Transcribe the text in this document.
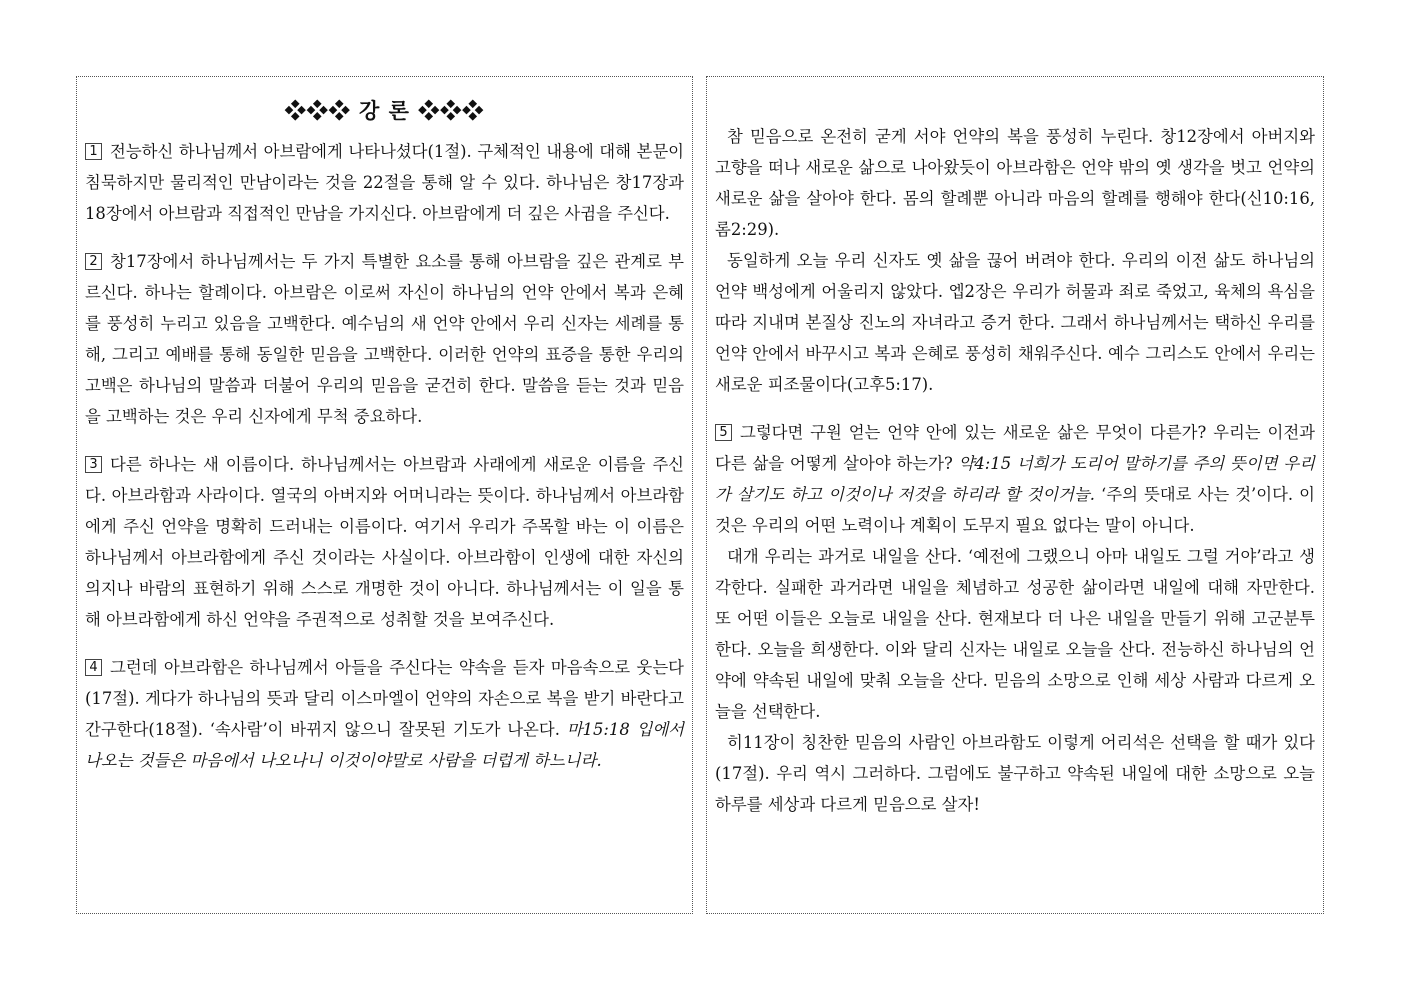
❖❖❖ 강 론 ❖❖❖

1 전능하신 하나님께서 아브람에게 나타나셨다(1절). 구체적인 내용에 대해 본문이 침묵하지만 물리적인 만남이라는 것을 22절을 통해 알 수 있다. 하나님은 창17장과 18장에서 아브람과 직접적인 만남을 가지신다. 아브람에게 더 깊은 사귐을 주신다.

2 창17장에서 하나님께서는 두 가지 특별한 요소를 통해 아브람을 깊은 관계로 부르신다. 하나는 할례이다. 아브람은 이로써 자신이 하나님의 언약 안에서 복과 은혜를 풍성히 누리고 있음을 고백한다. 예수님의 새 언약 안에서 우리 신자는 세례를 통해, 그리고 예배를 통해 동일한 믿음을 고백한다. 이러한 언약의 표증을 통한 우리의 고백은 하나님의 말씀과 더불어 우리의 믿음을 굳건히 한다. 말씀을 듣는 것과 믿음을 고백하는 것은 우리 신자에게 무척 중요하다.

3 다른 하나는 새 이름이다. 하나님께서는 아브람과 사래에게 새로운 이름을 주신다. 아브라함과 사라이다. 열국의 아버지와 어머니라는 뜻이다. 하나님께서 아브라함에게 주신 언약을 명확히 드러내는 이름이다. 여기서 우리가 주목할 바는 이 이름은 하나님께서 아브라함에게 주신 것이라는 사실이다. 아브라함이 인생에 대한 자신의 의지나 바람의 표현하기 위해 스스로 개명한 것이 아니다. 하나님께서는 이 일을 통해 아브라함에게 하신 언약을 주권적으로 성취할 것을 보여주신다.

4 그런데 아브라함은 하나님께서 아들을 주신다는 약속을 듣자 마음속으로 웃는다(17절). 게다가 하나님의 뜻과 달리 이스마엘이 언약의 자손으로 복을 받기 바란다고 간구한다(18절). ‘속사람’이 바뀌지 않으니 잘못된 기도가 나온다. 마15:18 입에서 나오는 것들은 마음에서 나오나니 이것이야말로 사람을 더럽게 하느니라.

참 믿음으로 온전히 굳게 서야 언약의 복을 풍성히 누린다. 창12장에서 아버지와 고향을 떠나 새로운 삶으로 나아왔듯이 아브라함은 언약 밖의 옛 생각을 벗고 언약의 새로운 삶을 살아야 한다. 몸의 할례뿐 아니라 마음의 할례를 행해야 한다(신10:16, 롬2:29).

동일하게 오늘 우리 신자도 옛 삶을 끊어 버려야 한다. 우리의 이전 삶도 하나님의 언약 백성에게 어울리지 않았다. 엡2장은 우리가 허물과 죄로 죽었고, 육체의 욕심을 따라 지내며 본질상 진노의 자녀라고 증거 한다. 그래서 하나님께서는 택하신 우리를 언약 안에서 바꾸시고 복과 은혜로 풍성히 채워주신다. 예수 그리스도 안에서 우리는 새로운 피조물이다(고후5:17).

5 그렇다면 구원 얻는 언약 안에 있는 새로운 삶은 무엇이 다른가? 우리는 이전과 다른 삶을 어떻게 살아야 하는가? 약4:15 너희가 도리어 말하기를 주의 뜻이면 우리가 살기도 하고 이것이나 저것을 하리라 할 것이거늘. ‘주의 뜻대로 사는 것’이다. 이것은 우리의 어떤 노력이나 계획이 도무지 필요 없다는 말이 아니다.

대개 우리는 과거로 내일을 산다. ‘예전에 그랬으니 아마 내일도 그럴 거야’라고 생각한다. 실패한 과거라면 내일을 체념하고 성공한 삶이라면 내일에 대해 자만한다. 또 어떤 이들은 오늘로 내일을 산다. 현재보다 더 나은 내일을 만들기 위해 고군분투 한다. 오늘을 희생한다. 이와 달리 신자는 내일로 오늘을 산다. 전능하신 하나님의 언약에 약속된 내일에 맞춰 오늘을 산다. 믿음의 소망으로 인해 세상 사람과 다르게 오늘을 선택한다.

히11장이 칭찬한 믿음의 사람인 아브라함도 이렇게 어리석은 선택을 할 때가 있다(17절). 우리 역시 그러하다. 그럼에도 불구하고 약속된 내일에 대한 소망으로 오늘 하루를 세상과 다르게 믿음으로 살자!
